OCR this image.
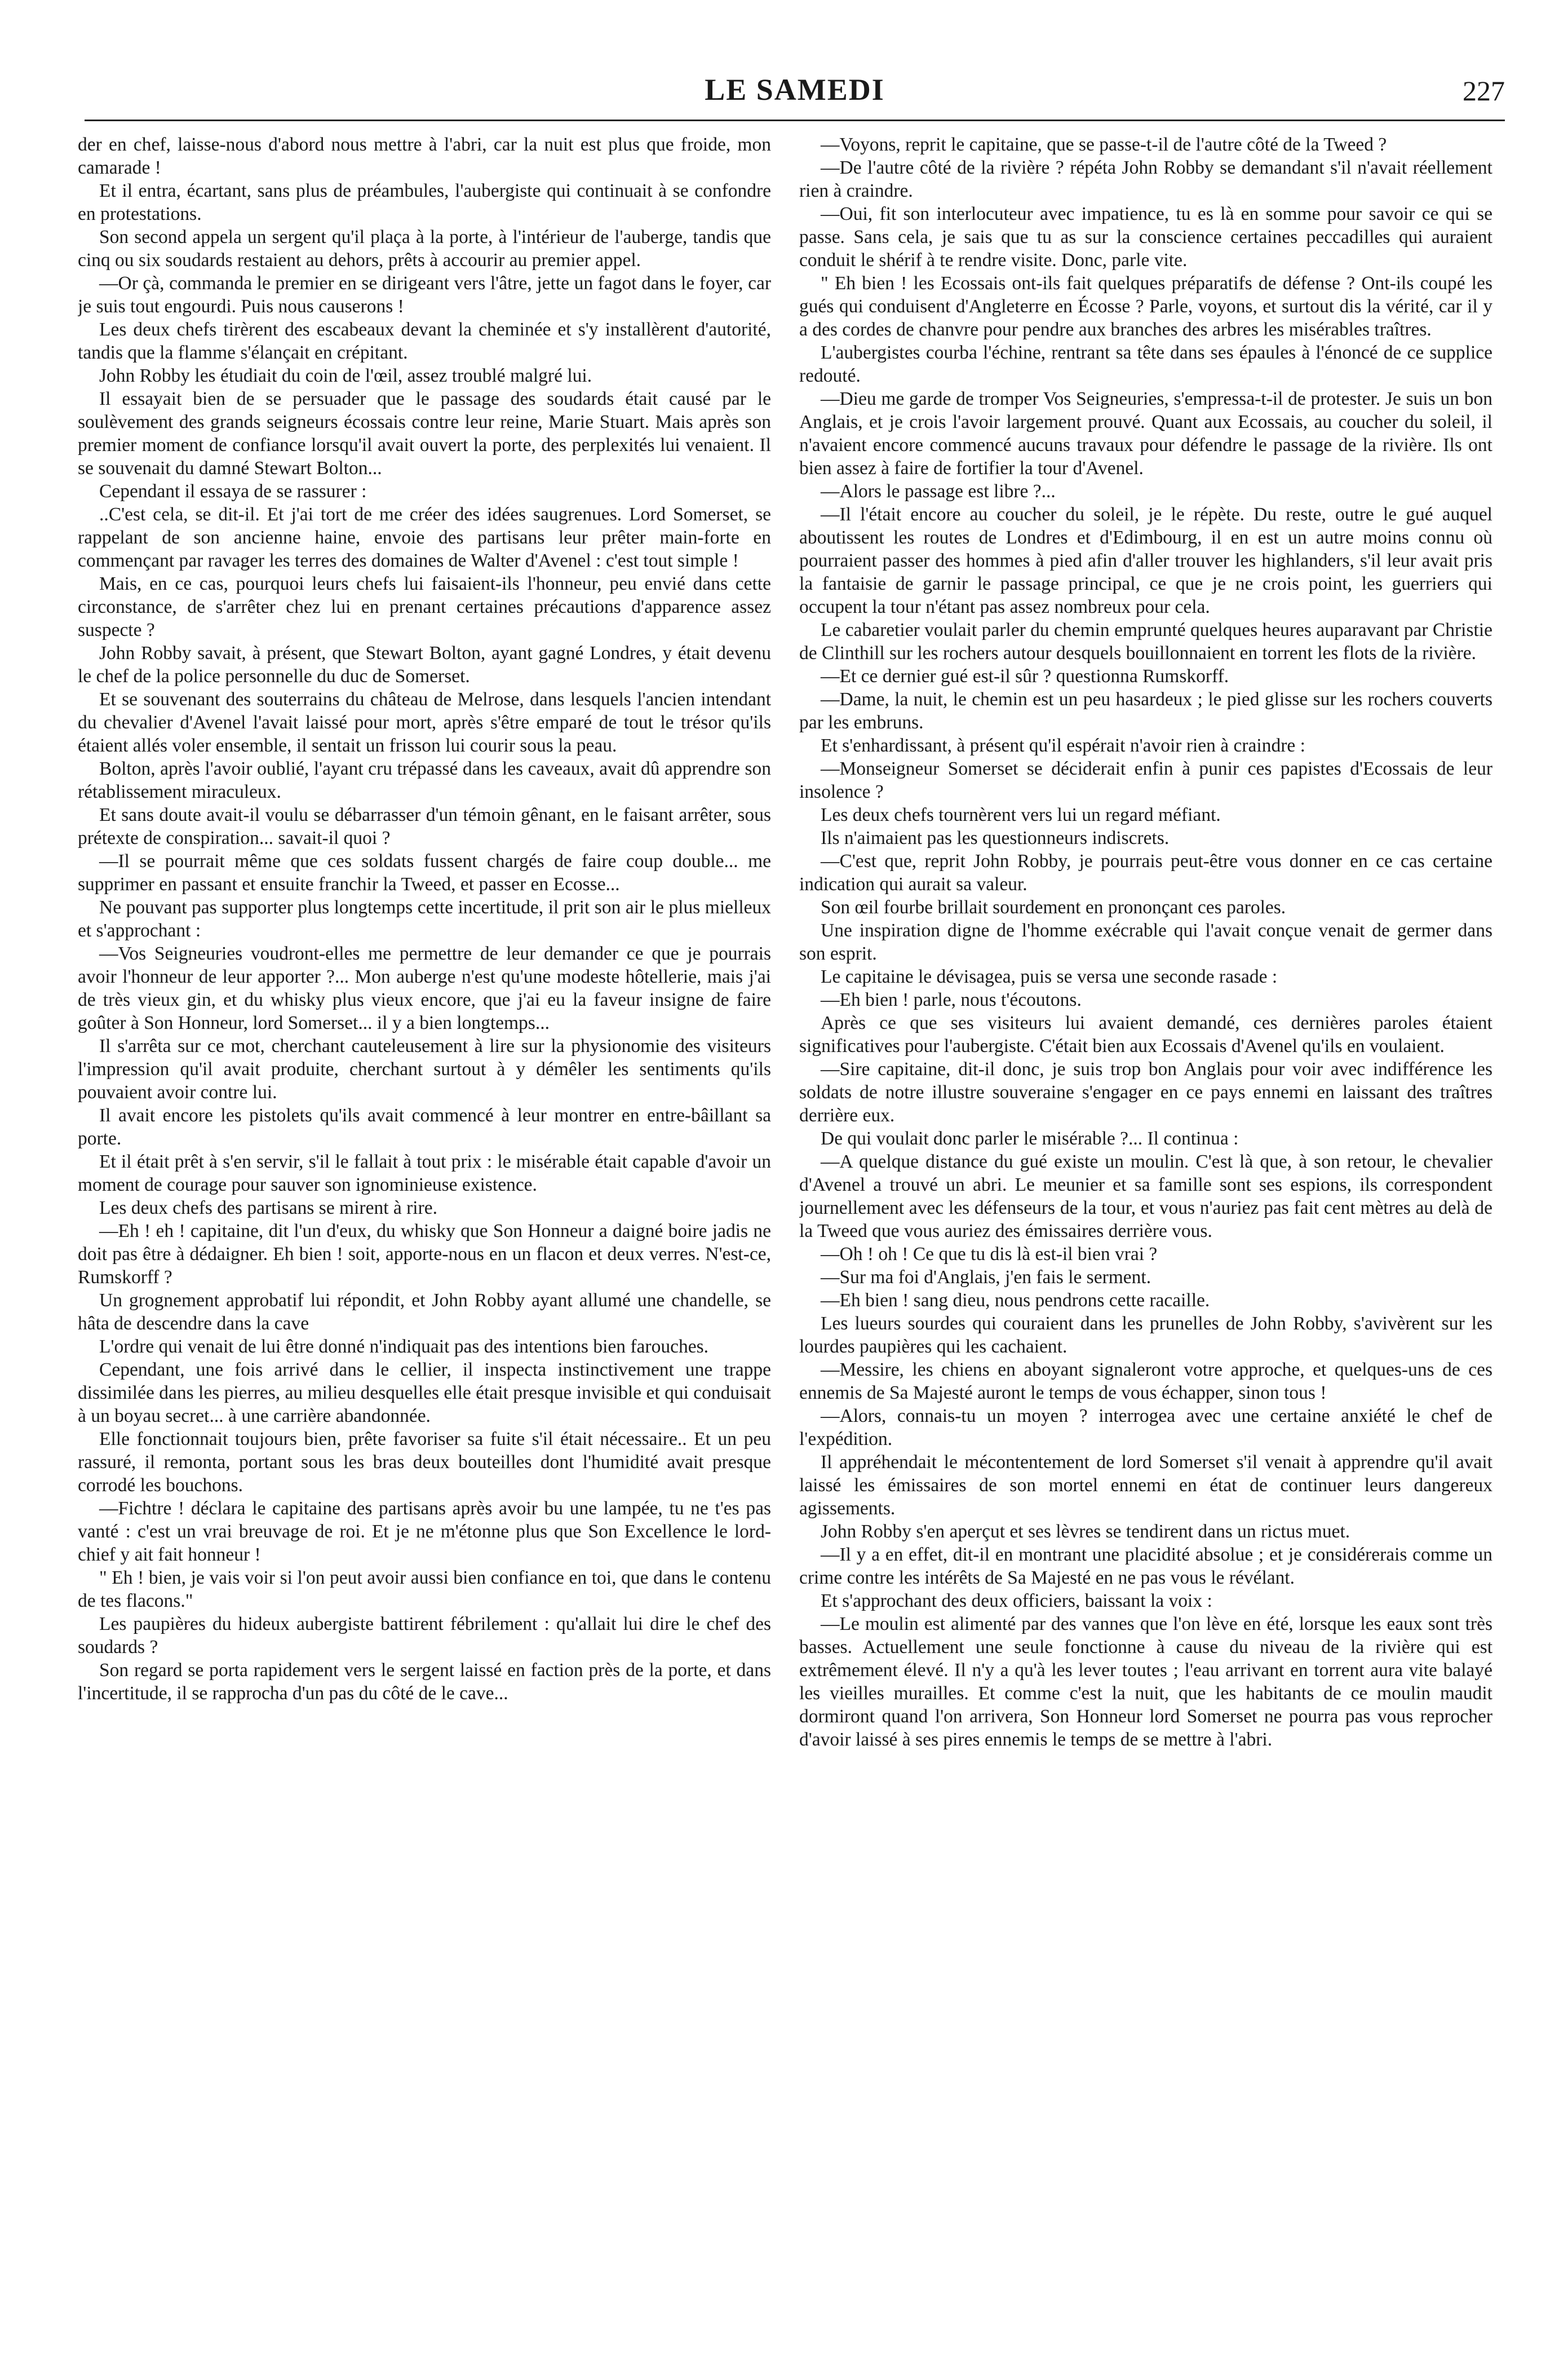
LE SAMEDI	227

der en chef, laisse-nous d'abord nous mettre à l'abri, car la nuit est plus que froide, mon camarade !

Et il entra, écartant, sans plus de préambules, l'aubergiste qui continuait à se confondre en protestations.

Son second appela un sergent qu'il plaça à la porte, à l'intérieur de l'auberge, tandis que cinq ou six soudards restaient au dehors, prêts à accourir au premier appel.

—Or çà, commanda le premier en se dirigeant vers l'âtre, jette un fagot dans le foyer, car je suis tout engourdi. Puis nous causerons !

Les deux chefs tirèrent des escabeaux devant la cheminée et s'y installèrent d'autorité, tandis que la flamme s'élançait en crépitant.

John Robby les étudiait du coin de l'œil, assez troublé malgré lui.

Il essayait bien de se persuader que le passage des soudards était causé par le soulèvement des grands seigneurs écossais contre leur reine, Marie Stuart. Mais après son premier moment de confiance lorsqu'il avait ouvert la porte, des perplexités lui venaient. Il se souvenait du damné Stewart Bolton...

Cependant il essaya de se rassurer :

..C'est cela, se dit-il. Et j'ai tort de me créer des idées saugrenues. Lord Somerset, se rappelant de son ancienne haine, envoie des partisans leur prêter main-forte en commençant par ravager les terres des domaines de Walter d'Avenel : c'est tout simple !

Mais, en ce cas, pourquoi leurs chefs lui faisaient-ils l'honneur, peu envié dans cette circonstance, de s'arrêter chez lui en prenant certaines précautions d'apparence assez suspecte ?

John Robby savait, à présent, que Stewart Bolton, ayant gagné Londres, y était devenu le chef de la police personnelle du duc de Somerset.

Et se souvenant des souterrains du château de Melrose, dans lesquels l'ancien intendant du chevalier d'Avenel l'avait laissé pour mort, après s'être emparé de tout le trésor qu'ils étaient allés voler ensemble, il sentait un frisson lui courir sous la peau.

Bolton, après l'avoir oublié, l'ayant cru trépassé dans les caveaux, avait dû apprendre son rétablissement miraculeux.

Et sans doute avait-il voulu se débarrasser d'un témoin gênant, en le faisant arrêter, sous prétexte de conspiration... savait-il quoi ?

—Il se pourrait même que ces soldats fussent chargés de faire coup double... me supprimer en passant et ensuite franchir la Tweed, et passer en Ecosse...

Ne pouvant pas supporter plus longtemps cette incertitude, il prit son air le plus mielleux et s'approchant :

—Vos Seigneuries voudront-elles me permettre de leur demander ce que je pourrais avoir l'honneur de leur apporter ?... Mon auberge n'est qu'une modeste hôtellerie, mais j'ai de très vieux gin, et du whisky plus vieux encore, que j'ai eu la faveur insigne de faire goûter à Son Honneur, lord Somerset... il y a bien longtemps...

Il s'arrêta sur ce mot, cherchant cauteleusement à lire sur la physionomie des visiteurs l'impression qu'il avait produite, cherchant surtout à y démêler les sentiments qu'ils pouvaient avoir contre lui.

Il avait encore les pistolets qu'ils avait commencé à leur montrer en entre-bâillant sa porte.

Et il était prêt à s'en servir, s'il le fallait à tout prix : le misérable était capable d'avoir un moment de courage pour sauver son ignominieuse existence.

Les deux chefs des partisans se mirent à rire.

—Eh ! eh ! capitaine, dit l'un d'eux, du whisky que Son Honneur a daigné boire jadis ne doit pas être à dédaigner. Eh bien ! soit, apporte-nous en un flacon et deux verres. N'est-ce, Rumskorff ?

Un grognement approbatif lui répondit, et John Robby ayant allumé une chandelle, se hâta de descendre dans la cave

L'ordre qui venait de lui être donné n'indiquait pas des intentions bien farouches.

Cependant, une fois arrivé dans le cellier, il inspecta instinctivement une trappe dissimilée dans les pierres, au milieu desquelles elle était presque invisible et qui conduisait à un boyau secret... à une carrière abandonnée.

Elle fonctionnait toujours bien, prête favoriser sa fuite s'il était nécessaire.. Et un peu rassuré, il remonta, portant sous les bras deux bouteilles dont l'humidité avait presque corrodé les bouchons.

—Fichtre ! déclara le capitaine des partisans après avoir bu une lampée, tu ne t'es pas vanté : c'est un vrai breuvage de roi. Et je ne m'étonne plus que Son Excellence le lord-chief y ait fait honneur !

" Eh ! bien, je vais voir si l'on peut avoir aussi bien confiance en toi, que dans le contenu de tes flacons."

Les paupières du hideux aubergiste battirent fébrilement : qu'allait lui dire le chef des soudards ?

Son regard se porta rapidement vers le sergent laissé en faction près de la porte, et dans l'incertitude, il se rapprocha d'un pas du côté de le cave...

—Voyons, reprit le capitaine, que se passe-t-il de l'autre côté de la Tweed ?

—De l'autre côté de la rivière ? répéta John Robby se demandant s'il n'avait réellement rien à craindre.

—Oui, fit son interlocuteur avec impatience, tu es là en somme pour savoir ce qui se passe. Sans cela, je sais que tu as sur la conscience certaines peccadilles qui auraient conduit le shérif à te rendre visite. Donc, parle vite.

" Eh bien ! les Ecossais ont-ils fait quelques préparatifs de défense ? Ont-ils coupé les gués qui conduisent d'Angleterre en Écosse ? Parle, voyons, et surtout dis la vérité, car il y a des cordes de chanvre pour pendre aux branches des arbres les misérables traîtres.

L'aubergistes courba l'échine, rentrant sa tête dans ses épaules à l'énoncé de ce supplice redouté.

—Dieu me garde de tromper Vos Seigneuries, s'empressa-t-il de protester. Je suis un bon Anglais, et je crois l'avoir largement prouvé. Quant aux Ecossais, au coucher du soleil, il n'avaient encore commencé aucuns travaux pour défendre le passage de la rivière. Ils ont bien assez à faire de fortifier la tour d'Avenel.

—Alors le passage est libre ?...

—Il l'était encore au coucher du soleil, je le répète. Du reste, outre le gué auquel aboutissent les routes de Londres et d'Edimbourg, il en est un autre moins connu où pourraient passer des hommes à pied afin d'aller trouver les highlanders, s'il leur avait pris la fantaisie de garnir le passage principal, ce que je ne crois point, les guerriers qui occupent la tour n'étant pas assez nombreux pour cela.

Le cabaretier voulait parler du chemin emprunté quelques heures auparavant par Christie de Clinthill sur les rochers autour desquels bouillonnaient en torrent les flots de la rivière.

—Et ce dernier gué est-il sûr ? questionna Rumskorff.

—Dame, la nuit, le chemin est un peu hasardeux ; le pied glisse sur les rochers couverts par les embruns.

Et s'enhardissant, à présent qu'il espérait n'avoir rien à craindre :

—Monseigneur Somerset se déciderait enfin à punir ces papistes d'Ecossais de leur insolence ?

Les deux chefs tournèrent vers lui un regard méfiant.

Ils n'aimaient pas les questionneurs indiscrets.

—C'est que, reprit John Robby, je pourrais peut-être vous donner en ce cas certaine indication qui aurait sa valeur.

Son œil fourbe brillait sourdement en prononçant ces paroles.

Une inspiration digne de l'homme exécrable qui l'avait conçue venait de germer dans son esprit.

Le capitaine le dévisagea, puis se versa une seconde rasade :

—Eh bien ! parle, nous t'écoutons.

Après ce que ses visiteurs lui avaient demandé, ces dernières paroles étaient significatives pour l'aubergiste. C'était bien aux Ecossais d'Avenel qu'ils en voulaient.

—Sire capitaine, dit-il donc, je suis trop bon Anglais pour voir avec indifférence les soldats de notre illustre souveraine s'engager en ce pays ennemi en laissant des traîtres derrière eux.

De qui voulait donc parler le misérable ?... Il continua :

—A quelque distance du gué existe un moulin. C'est là que, à son retour, le chevalier d'Avenel a trouvé un abri. Le meunier et sa famille sont ses espions, ils correspondent journellement avec les défenseurs de la tour, et vous n'auriez pas fait cent mètres au delà de la Tweed que vous auriez des émissaires derrière vous.

—Oh ! oh ! Ce que tu dis là est-il bien vrai ?

—Sur ma foi d'Anglais, j'en fais le serment.

—Eh bien ! sang dieu, nous pendrons cette racaille.

Les lueurs sourdes qui couraient dans les prunelles de John Robby, s'avivèrent sur les lourdes paupières qui les cachaient.

—Messire, les chiens en aboyant signaleront votre approche, et quelques-uns de ces ennemis de Sa Majesté auront le temps de vous échapper, sinon tous !

—Alors, connais-tu un moyen ? interrogea avec une certaine anxiété le chef de l'expédition.

Il appréhendait le mécontentement de lord Somerset s'il venait à apprendre qu'il avait laissé les émissaires de son mortel ennemi en état de continuer leurs dangereux agissements.

John Robby s'en aperçut et ses lèvres se tendirent dans un rictus muet.

—Il y a en effet, dit-il en montrant une placidité absolue ; et je considérerais comme un crime contre les intérêts de Sa Majesté en ne pas vous le révélant.

Et s'approchant des deux officiers, baissant la voix :

—Le moulin est alimenté par des vannes que l'on lève en été, lorsque les eaux sont très basses. Actuellement une seule fonctionne à cause du niveau de la rivière qui est extrêmement élevé. Il n'y a qu'à les lever toutes ; l'eau arrivant en torrent aura vite balayé les vieilles murailles. Et comme c'est la nuit, que les habitants de ce moulin maudit dormiront quand l'on arrivera, Son Honneur lord Somerset ne pourra pas vous reprocher d'avoir laissé à ses pires ennemis le temps de se mettre à l'abri.
